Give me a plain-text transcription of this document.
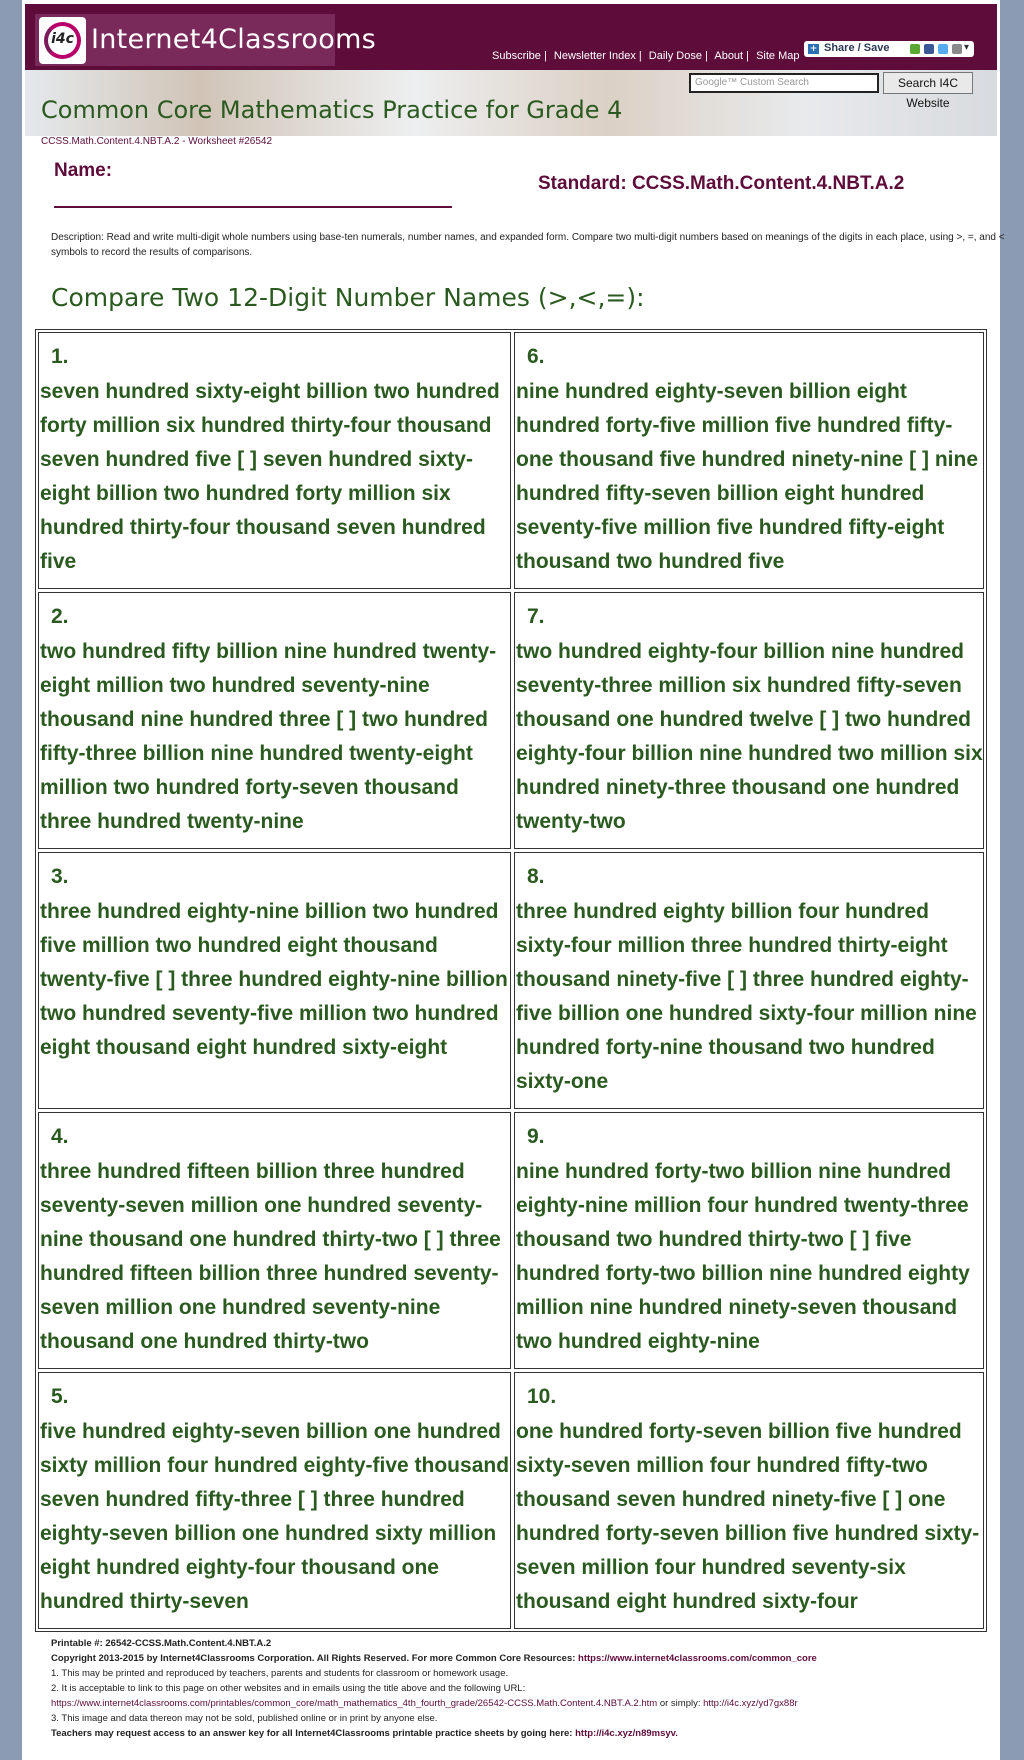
i4c Internet4Classrooms
Subscribe | Newsletter Index | Daily Dose | About | Site Map
+ Share / Save	▾
Google™ Custom Search	Search I4C Website
Common Core Mathematics Practice for Grade 4
CCSS.Math.Content.4.NBT.A.2 - Worksheet #26542
Name:
Standard: CCSS.Math.Content.4.NBT.A.2
Description: Read and write multi-digit whole numbers using base-ten numerals, number names, and expanded form. Compare two multi-digit numbers based on meanings of the digits in each place, using >, =, and < symbols to record the results of comparisons.
Compare Two 12-Digit Number Names (>,<,=):
1.
seven hundred sixty-eight billion two hundred forty million six hundred thirty-four thousand seven hundred five [ ] seven hundred sixty-eight billion two hundred forty million six hundred thirty-four thousand seven hundred five
6.
nine hundred eighty-seven billion eight hundred forty-five million five hundred fifty-one thousand five hundred ninety-nine [ ] nine hundred fifty-seven billion eight hundred seventy-five million five hundred fifty-eight thousand two hundred five
2.
two hundred fifty billion nine hundred twenty-eight million two hundred seventy-nine thousand nine hundred three [ ] two hundred fifty-three billion nine hundred twenty-eight million two hundred forty-seven thousand three hundred twenty-nine
7.
two hundred eighty-four billion nine hundred seventy-three million six hundred fifty-seven thousand one hundred twelve [ ] two hundred eighty-four billion nine hundred two million six hundred ninety-three thousand one hundred twenty-two
3.
three hundred eighty-nine billion two hundred five million two hundred eight thousand twenty-five [ ] three hundred eighty-nine billion two hundred seventy-five million two hundred eight thousand eight hundred sixty-eight
8.
three hundred eighty billion four hundred sixty-four million three hundred thirty-eight thousand ninety-five [ ] three hundred eighty-five billion one hundred sixty-four million nine hundred forty-nine thousand two hundred sixty-one
4.
three hundred fifteen billion three hundred seventy-seven million one hundred seventy-nine thousand one hundred thirty-two [ ] three hundred fifteen billion three hundred seventy-seven million one hundred seventy-nine thousand one hundred thirty-two
9.
nine hundred forty-two billion nine hundred eighty-nine million four hundred twenty-three thousand two hundred thirty-two [ ] five hundred forty-two billion nine hundred eighty million nine hundred ninety-seven thousand two hundred eighty-nine
5.
five hundred eighty-seven billion one hundred sixty million four hundred eighty-five thousand seven hundred fifty-three [ ] three hundred eighty-seven billion one hundred sixty million eight hundred eighty-four thousand one hundred thirty-seven
10.
one hundred forty-seven billion five hundred sixty-seven million four hundred fifty-two thousand seven hundred ninety-five [ ] one hundred forty-seven billion five hundred sixty-seven million four hundred seventy-six thousand eight hundred sixty-four
Printable #: 26542-CCSS.Math.Content.4.NBT.A.2
Copyright 2013-2015 by Internet4Classrooms Corporation. All Rights Reserved. For more Common Core Resources: https://www.internet4classrooms.com/common_core
1. This may be printed and reproduced by teachers, parents and students for classroom or homework usage.
2. It is acceptable to link to this page on other websites and in emails using the title above and the following URL:
https://www.internet4classrooms.com/printables/common_core/math_mathematics_4th_fourth_grade/26542-CCSS.Math.Content.4.NBT.A.2.htm or simply: http://i4c.xyz/yd7gx88r
3. This image and data thereon may not be sold, published online or in print by anyone else.
Teachers may request access to an answer key for all Internet4Classrooms printable practice sheets by going here: http://i4c.xyz/n89msyv.
